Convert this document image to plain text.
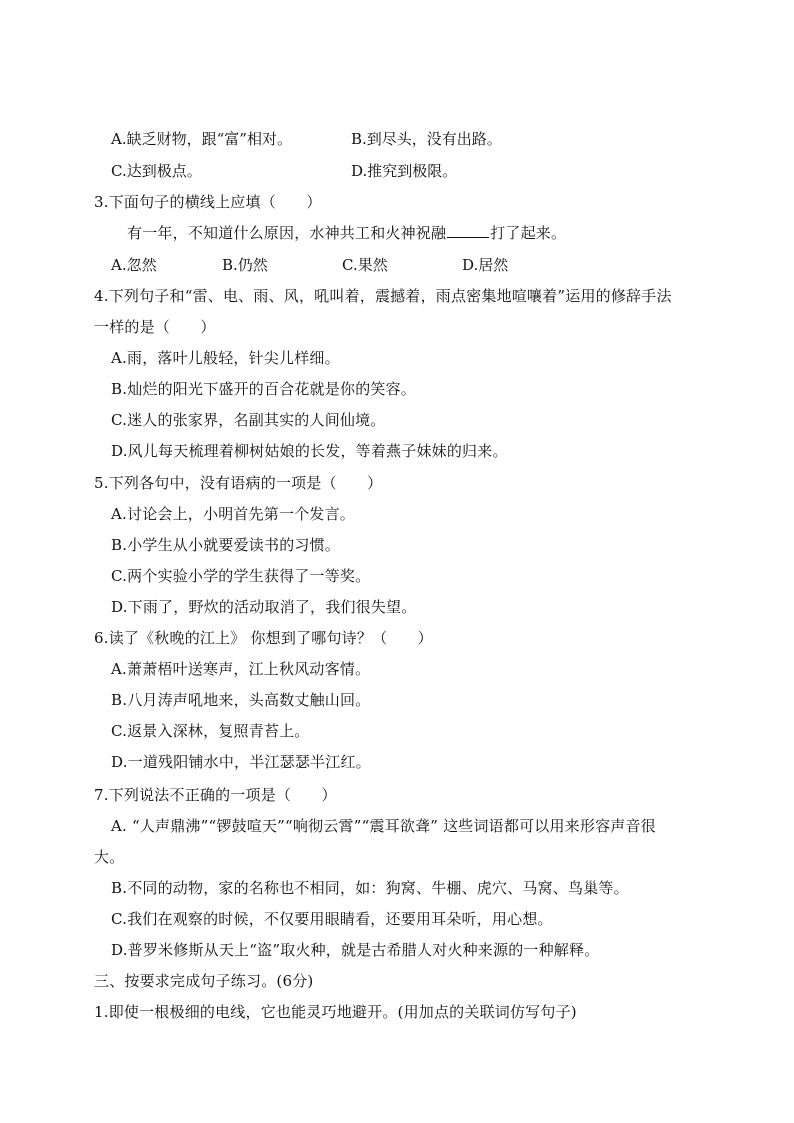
A.缺乏财物，跟“富”相对。	B.到尽头，没有出路。
C.达到极点。	D.推究到极限。
3.下面句子的横线上应填（　　）
有一年，不知道什么原因，水神共工和火神祝融	打了起来。
A.忽然	B.仍然	C.果然	D.居然
4.下列句子和“雷、电、雨、风，吼叫着，震撼着，雨点密集地喧嚷着”运用的修辞手法
一样的是（　　）
A.雨，落叶儿般轻，针尖儿样细。
B.灿烂的阳光下盛开的百合花就是你的笑容。
C.迷人的张家界，名副其实的人间仙境。
D.风儿每天梳理着柳树姑娘的长发，等着燕子妹妹的归来。
5.下列各句中，没有语病的一项是（　　）
A.讨论会上，小明首先第一个发言。
B.小学生从小就要爱读书的习惯。
C.两个实验小学的学生获得了一等奖。
D.下雨了，野炊的活动取消了，我们很失望。
6.读了《秋晚的江上》 你想到了哪句诗？（　　）
A.萧萧梧叶送寒声，江上秋风动客情。
B.八月涛声吼地来，头高数丈触山回。
C.返景入深林，复照青苔上。
D.一道残阳铺水中，半江瑟瑟半江红。
7.下列说法不正确的一项是（　　）
A. “人声鼎沸”“锣鼓喧天”“响彻云霄”“震耳欲聋” 这些词语都可以用来形容声音很
大。
B.不同的动物，家的名称也不相同，如：狗窝、牛棚、虎穴、马窝、鸟巢等。
C.我们在观察的时候，不仅要用眼睛看，还要用耳朵听，用心想。
D.普罗米修斯从天上“盗”取火种，就是古希腊人对火种来源的一种解释。
三、按要求完成句子练习。(6分)
1.即使一根极细的电线，它也能灵巧地避开。(用加点的关联词仿写句子)
